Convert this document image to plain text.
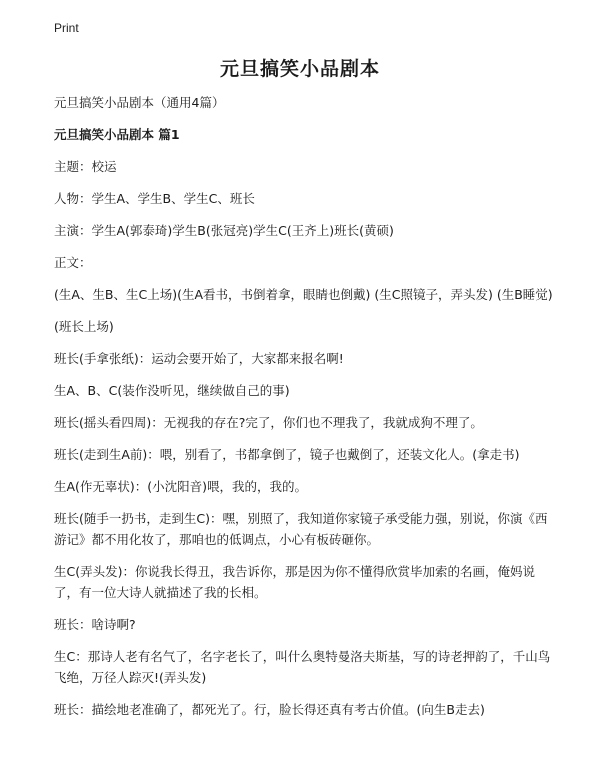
Print
元旦搞笑小品剧本

元旦搞笑小品剧本（通用4篇）

元旦搞笑小品剧本 篇1

主题：校运

人物：学生A、学生B、学生C、班长

主演：学生A(郭泰琦)学生B(张冠亮)学生C(王齐上)班长(黄硕)

正文：

(生A、生B、生C上场)(生A看书，书倒着拿，眼睛也倒戴) (生C照镜子，弄头发) (生B睡觉)

(班长上场)

班长(手拿张纸)：运动会要开始了，大家都来报名啊!

生A、B、C(装作没听见，继续做自己的事)

班长(摇头看四周)：无视我的存在?完了，你们也不理我了，我就成狗不理了。

班长(走到生A前)：喂，别看了，书都拿倒了，镜子也戴倒了，还装文化人。(拿走书)

生A(作无辜状)：(小沈阳音)喂，我的，我的。

班长(随手一扔书，走到生C)：嘿，别照了，我知道你家镜子承受能力强，别说，你演《西游记》都不用化妆了，那咱也的低调点，小心有板砖砸你。

生C(弄头发)：你说我长得丑，我告诉你，那是因为你不懂得欣赏毕加索的名画，俺妈说了，有一位大诗人就描述了我的长相。

班长：啥诗啊?

生C：那诗人老有名气了，名字老长了，叫什么奥特曼洛夫斯基，写的诗老押韵了，千山鸟飞绝，万径人踪灭!(弄头发)

班长：描绘地老准确了，都死光了。行，脸长得还真有考古价值。(向生B走去)
